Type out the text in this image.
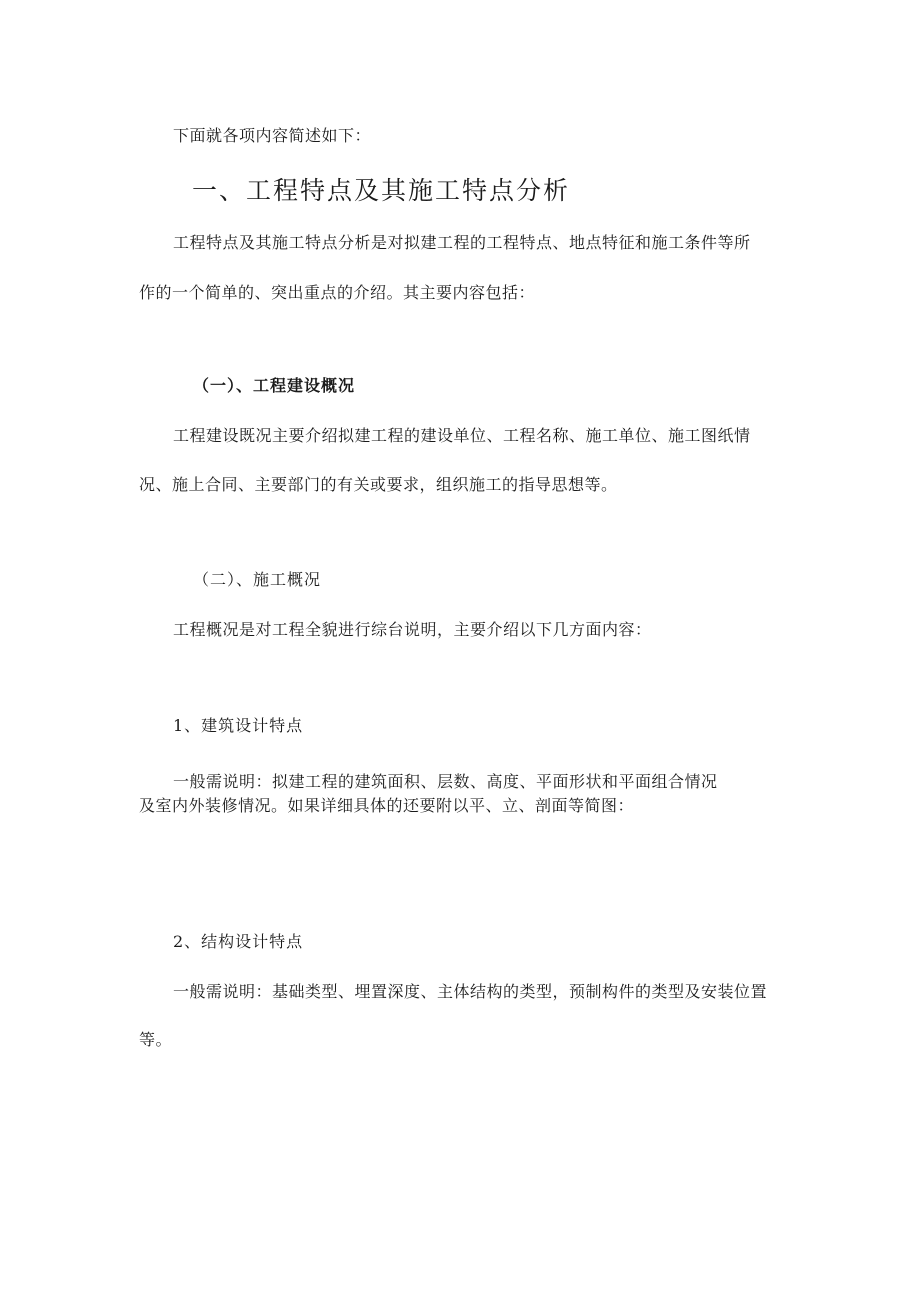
下面就各项内容简述如下：
一、工程特点及其施工特点分析
工程特点及其施工特点分析是对拟建工程的工程特点、地点特征和施工条件等所
作的一个简单的、突出重点的介绍。其主要内容包括：
（一）、工程建设概况
工程建设既况主要介绍拟建工程的建设单位、工程名称、施工单位、施工图纸情
况、施上合同、主要部门的有关或要求，组织施工的指导思想等。
（二）、施工概况
工程概况是对工程全貌进行综台说明，主要介绍以下几方面内容：
1、建筑设计特点
一般需说明：拟建工程的建筑面积、层数、高度、平面形状和平面组合情况
及室内外装修情况。如果详细具体的还要附以平、立、剖面等简图：
2、结构设计特点
一般需说明：基础类型、埋置深度、主体结构的类型，预制构件的类型及安装位置
等。
